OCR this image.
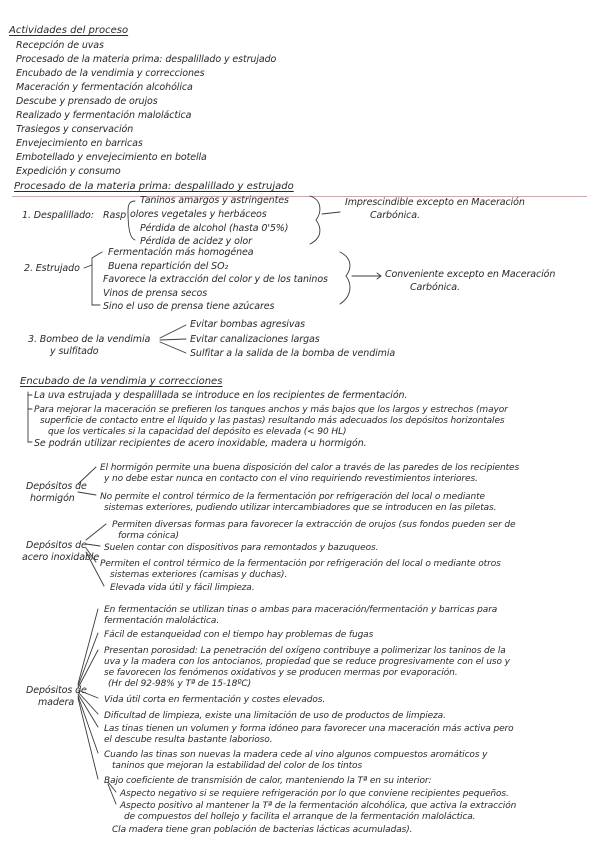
Actividades del proceso
Recepción de uvas
Procesado de la materia prima: despalillado y estrujado
Encubado de la vendimia y correcciones
Maceración y fermentación alcohólica
Descube y prensado de orujos
Realizado y fermentación maloláctica
Trasiegos y conservación
Envejecimiento en barricas
Embotellado y envejecimiento en botella
Expedición y consumo
Procesado de la materia prima: despalillado y estrujado
1. Despalillado: Rasp
Taninos amargos y astringentes
olores vegetales y herbáceos
Pérdida de alcohol (hasta 0'5%)
Pérdida de acidez y olor
Imprescindible excepto en Maceración
Carbónica.
2. Estrujado
Fermentación más homogénea
Buena repartición del SO₂
Favorece la extracción del color y de los taninos
Vinos de prensa secos
Sino el uso de prensa tiene azúcares
Conveniente excepto en Maceración
Carbónica.
3. Bombeo de la vendimia
y sulfitado
Evitar bombas agresivas
Evitar canalizaciones largas
Sulfitar a la salida de la bomba de vendimia
Encubado de la vendimia y correcciones
La uva estrujada y despalillada se introduce en los recipientes de fermentación.
Para mejorar la maceración se prefieren los tanques anchos y más bajos que los largos y estrechos (mayor
superficie de contacto entre el líquido y las pastas) resultando más adecuados los depósitos horizontales
que los verticales si la capacidad del depósito es elevada (< 90 HL)
Se podrán utilizar recipientes de acero inoxidable, madera u hormigón.
Depósitos de
hormigón
El hormigón permite una buena disposición del calor a través de las paredes de los recipientes
y no debe estar nunca en contacto con el vino requiriendo revestimientos interiores.
No permite el control térmico de la fermentación por refrigeración del local o mediante
sistemas exteriores, pudiendo utilizar intercambiadores que se introducen en las piletas.
Depósitos de
acero inoxidable
Permiten diversas formas para favorecer la extracción de orujos (sus fondos pueden ser de
forma cónica)
Suelen contar con dispositivos para remontados y bazuqueos.
Permiten el control térmico de la fermentación por refrigeración del local o mediante otros
sistemas exteriores (camisas y duchas).
Elevada vida útil y fácil limpieza.
Depósitos de
madera
En fermentación se utilizan tinas o ambas para maceración/fermentación y barricas para
fermentación maloláctica.
Fácil de estanqueidad con el tiempo hay problemas de fugas
Presentan porosidad: La penetración del oxígeno contribuye a polimerizar los taninos de la
uva y la madera con los antocianos, propiedad que se reduce progresivamente con el uso y
se favorecen los fenómenos oxidativos y se producen mermas por evaporación.
(Hr del 92-98% y Tª de 15-18ºC)
Vida útil corta en fermentación y costes elevados.
Dificultad de limpieza, existe una limitación de uso de productos de limpieza.
Las tinas tienen un volumen y forma idóneo para favorecer una maceración más activa pero
el descube resulta bastante laborioso.
Cuando las tinas son nuevas la madera cede al vino algunos compuestos aromáticos y
taninos que mejoran la estabilidad del color de los tintos
Bajo coeficiente de transmisión de calor, manteniendo la Tª en su interior:
Aspecto negativo si se requiere refrigeración por lo que conviene recipientes pequeños.
Aspecto positivo al mantener la Tª de la fermentación alcohólica, que activa la extracción
de compuestos del hollejo y facilita el arranque de la fermentación maloláctica.
Cla madera tiene gran población de bacterias lácticas acumuladas).
